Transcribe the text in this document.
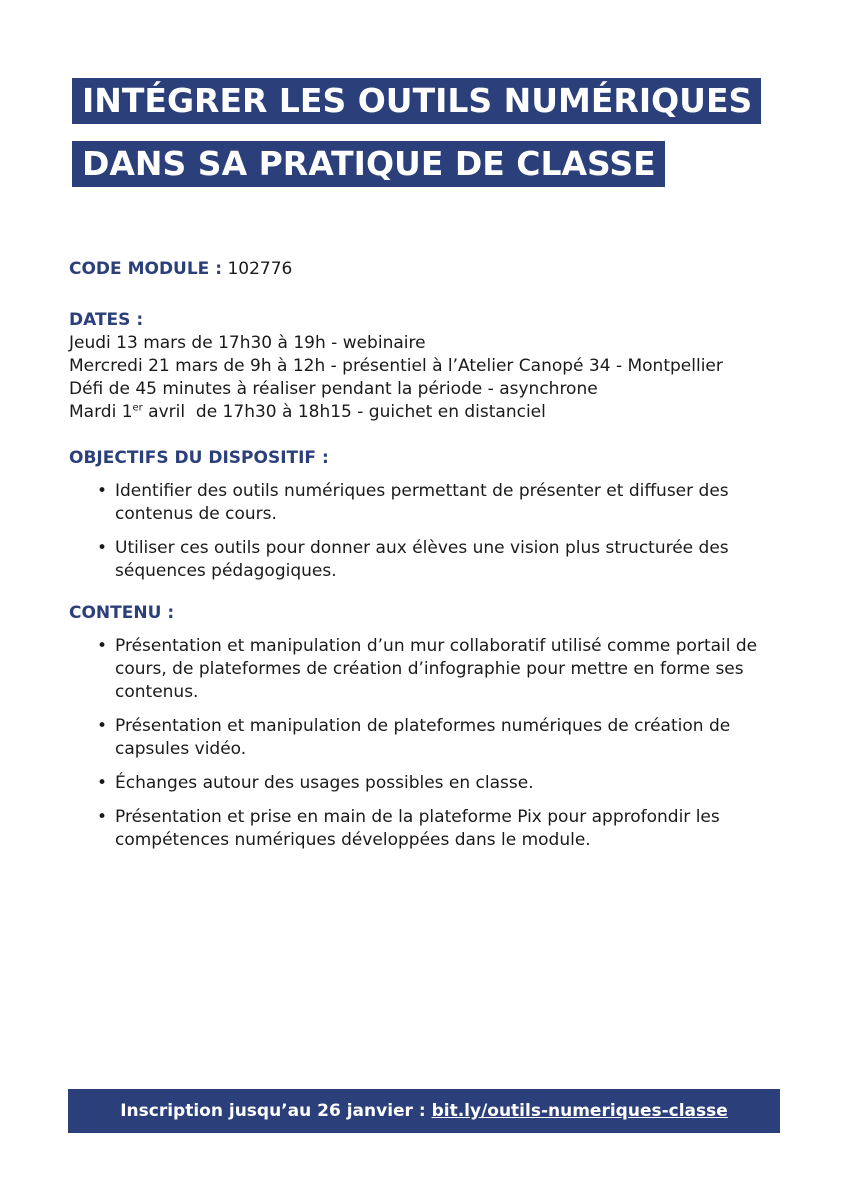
INTÉGRER LES OUTILS NUMÉRIQUES
DANS SA PRATIQUE DE CLASSE

CODE MODULE : 102776

DATES :
Jeudi 13 mars de 17h30 à 19h - webinaire
Mercredi 21 mars de 9h à 12h - présentiel à l’Atelier Canopé 34 - Montpellier
Défi de 45 minutes à réaliser pendant la période - asynchrone
Mardi 1er avril  de 17h30 à 18h15 - guichet en distanciel
OBJECTIFS DU DISPOSITIF :
• Identifier des outils numériques permettant de présenter et diffuser des contenus de cours.
• Utiliser ces outils pour donner aux élèves une vision plus structurée des séquences pédagogiques.
CONTENU :
• Présentation et manipulation d’un mur collaboratif utilisé comme portail de cours, de plateformes de création d’infographie pour mettre en forme ses contenus.
• Présentation et manipulation de plateformes numériques de création de capsules vidéo.
• Échanges autour des usages possibles en classe.
• Présentation et prise en main de la plateforme Pix pour approfondir les compétences numériques développées dans le module.
Inscription jusqu’au 26 janvier : bit.ly/outils-numeriques-classe
